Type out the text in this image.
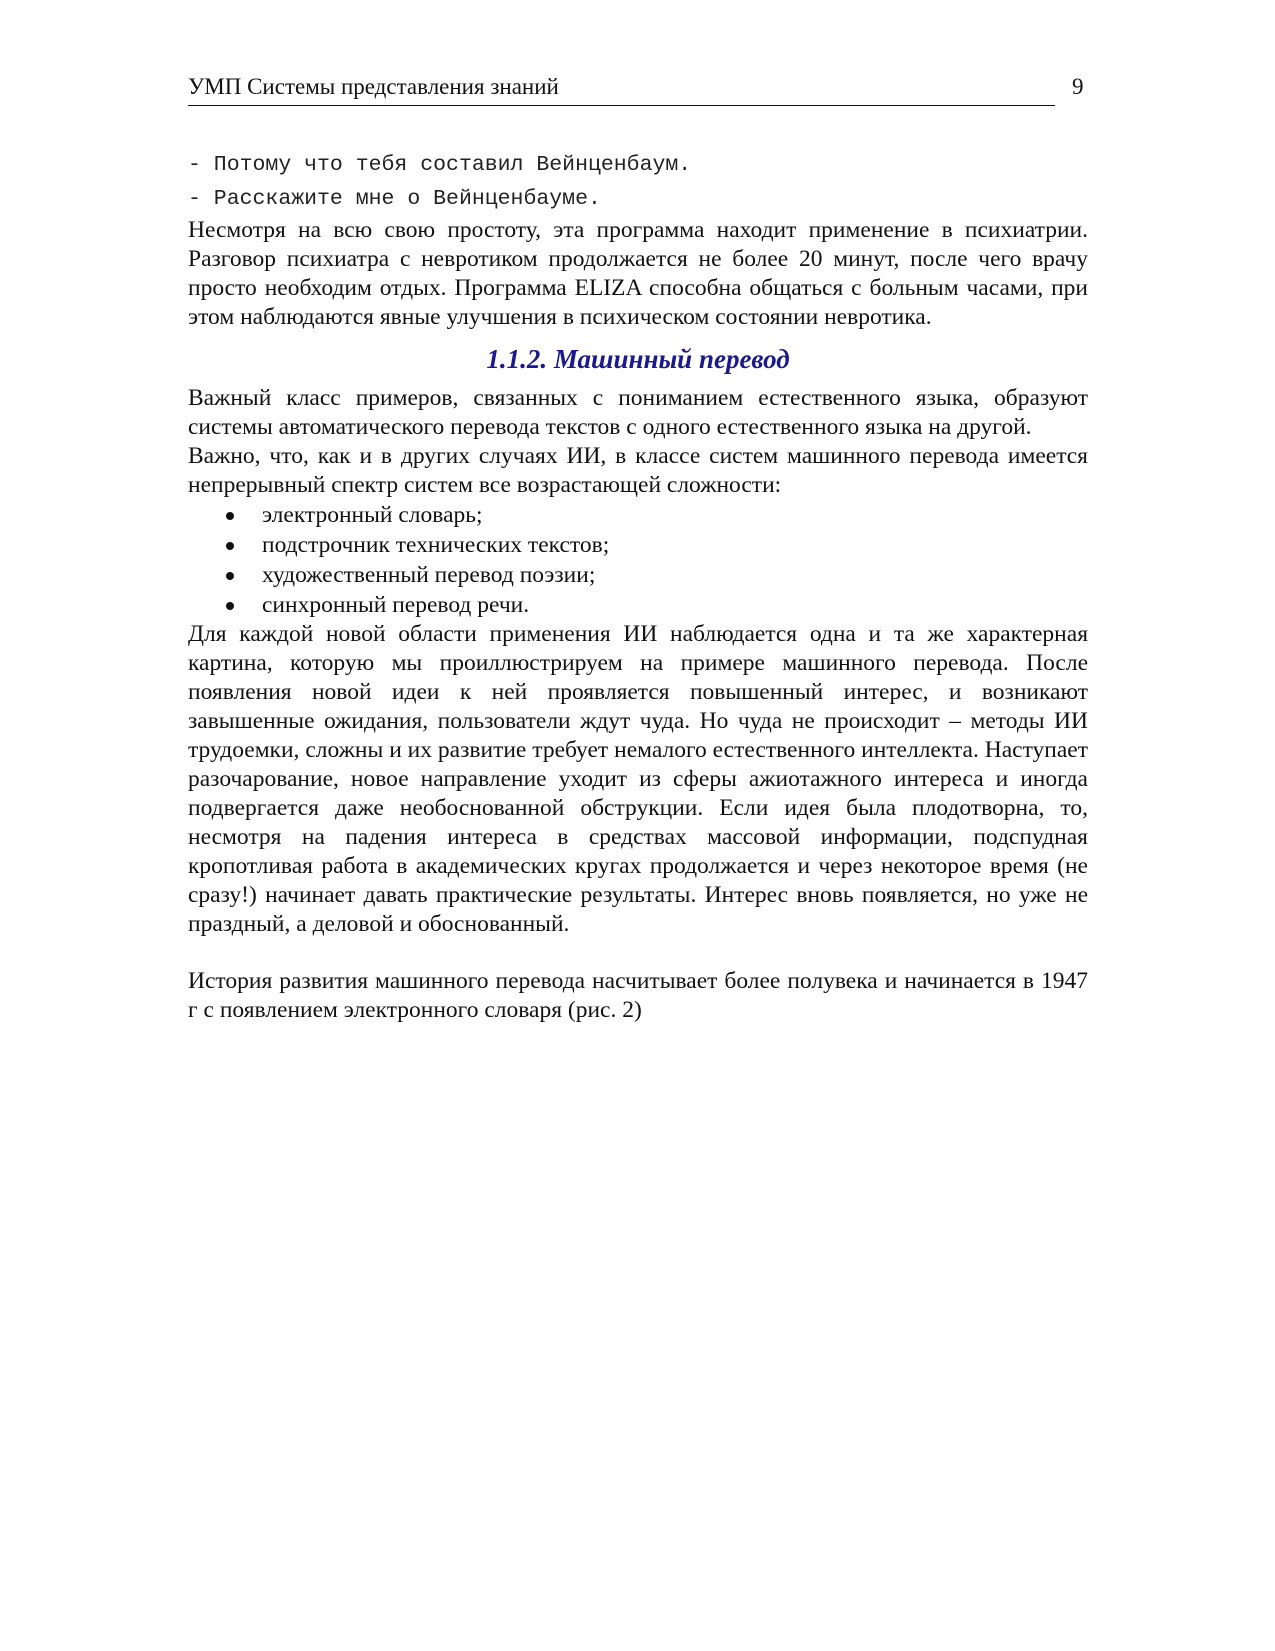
УМП Системы представления знаний	9
- Потому что тебя составил Вейнценбаум.
- Расскажите мне о Вейнценбауме.

Несмотря на всю свою простоту, эта программа находит применение в психиатрии. Разговор психиатра с невротиком продолжается не более 20 минут, после чего врачу просто необходим отдых. Программа ELIZA способна общаться с больным часами, при этом наблюдаются явные улучшения в психическом состоянии невротика.

1.1.2. Машинный перевод

Важный класс примеров, связанных с пониманием естественного языка, образуют системы автоматического перевода текстов с одного естественного языка на другой.

Важно, что, как и в других случаях ИИ, в классе систем машинного перевода имеется непрерывный спектр систем все возрастающей сложности:

электронный словарь;
подстрочник технических текстов;
художественный перевод поэзии;
синхронный перевод речи.

Для каждой новой области применения ИИ наблюдается одна и та же характерная картина, которую мы проиллюстрируем на примере машинного перевода. После появления новой идеи к ней проявляется повышенный интерес, и возникают завышенные ожидания, пользователи ждут чуда. Но чуда не происходит – методы ИИ трудоемки, сложны и их развитие требует немалого естественного интеллекта. Наступает разочарование, новое направление уходит из сферы ажиотажного интереса и иногда подвергается даже необоснованной обструкции. Если идея была плодотворна, то, несмотря на падения интереса в средствах массовой информации, подспудная кропотливая работа в академических кругах продолжается и через некоторое время (не сразу!) начинает давать практические результаты. Интерес вновь появляется, но уже не праздный, а деловой и обоснованный.

История развития машинного перевода насчитывает более полувека и начинается в 1947 г с появлением электронного словаря (рис. 2)
